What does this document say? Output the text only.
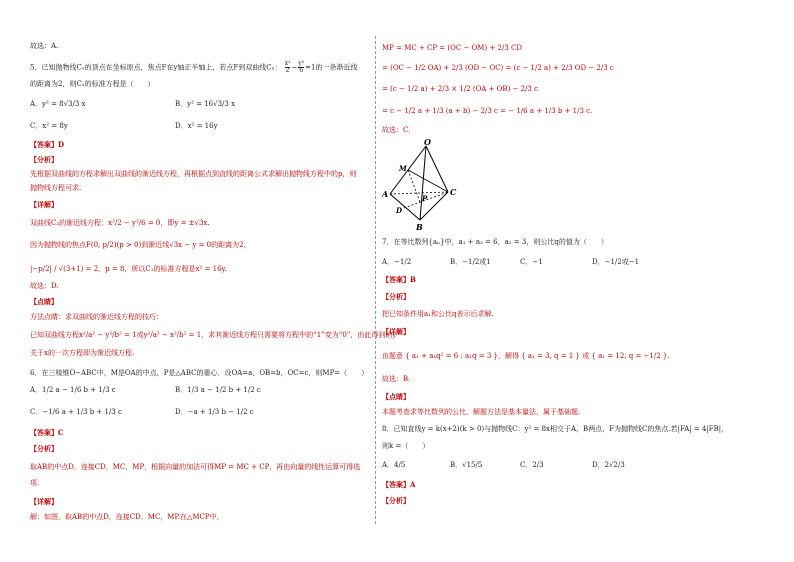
故选：A.
5．已知抛物线C₁的顶点在坐标原点，焦点F在y轴正半轴上，若点F到双曲线C₂： $\frac{\text{x²}}{2} - \frac{\text{y²}}{6} =1$的一条渐近线
的距离为2，则C₁的标准方程是（　　）
A．y² = 8√3/3 x	B．y² = 16√3/3 x
C．x² = 8y	D．x² = 16y
【答案】D
【分析】
先根据双曲线的方程求解出双曲线的渐近线方程，再根据点到直线的距离公式求解出抛物线方程中的p，则
抛物线方程可求.
【详解】
双曲线C₂的渐近线方程：x²/2 − y²/6 = 0，即y = ±√3x.
因为抛物线的焦点F(0, p/2)(p > 0)到渐近线√3x − y = 0的距离为2，
|−p/2| / √(3+1) = 2，p = 8，所以C₁的标准方程是x² = 16y.
故选：D.
【点睛】
方法点睛：求双曲线的渐近线方程的技巧：
已知双曲线方程x²/a² − y²/b² = 1或y²/a² − x²/b² = 1，求其渐近线方程只需要将方程中的“1”变为“0”，由此得到的y
关于x的一次方程即为渐近线方程.
6．在三棱锥O−ABC中，M是OA的中点，P是△ABC的重心．设OA=a，OB=b，OC=c，则MP=（　　）
A．1/2 a − 1/6 b + 1/3 c	B．1/3 a − 1/2 b + 1/2 c
C．−1/6 a + 1/3 b + 1/3 c	D．−a + 1/3 b − 1/2 c
【答案】C
【分析】
取AB的中点D，连接CD，MC，MP，根据向量的加法可得MP = MC + CP，再由向量的线性运算可得选
项.
【详解】
解：如图，取AB的中点D，连接CD，MC，MP.在△MCP中，
MP = MC + CP = (OC − OM) + 2/3 CD
= (OC − 1/2 OA) + 2/3 (OD − OC) = (c − 1/2 a) + 2/3 OD − 2/3 c
= (c − 1/2 a) + 2/3 × 1/2 (OA + OB) − 2/3 c
= c − 1/2 a + 1/3 (a + b) − 2/3 c = − 1/6 a + 1/3 b + 1/3 c.
故选：C.
O
M
P
A	C
D
B
7．在等比数列{aₙ}中，a₁ + a₃ = 6，a₂ = 3，则公比q的值为（　　）
A．−1/2	B．−1/2或1	C．−1	D．−1/2或−1
【答案】B
【分析】
把已知条件用a₁和公比q表示后求解.
【详解】
由题意 { a₁ + a₁q² = 6 ; a₁q = 3 }，解得 { a₁ = 3, q = 1 } 或 { a₁ = 12, q = −1/2 }.
故选：B.
【点睛】
本题考查求等比数列的公比，解题方法是基本量法，属于基础题.
8．已知直线y = k(x+2)(k > 0)与抛物线C：y² = 8x相交于A，B两点，F为抛物线C的焦点.若|FA| = 4|FB|，
则k =（　　）
A．4/5	B．√15/5	C．2/3	D．2√2/3
【答案】A
【分析】
